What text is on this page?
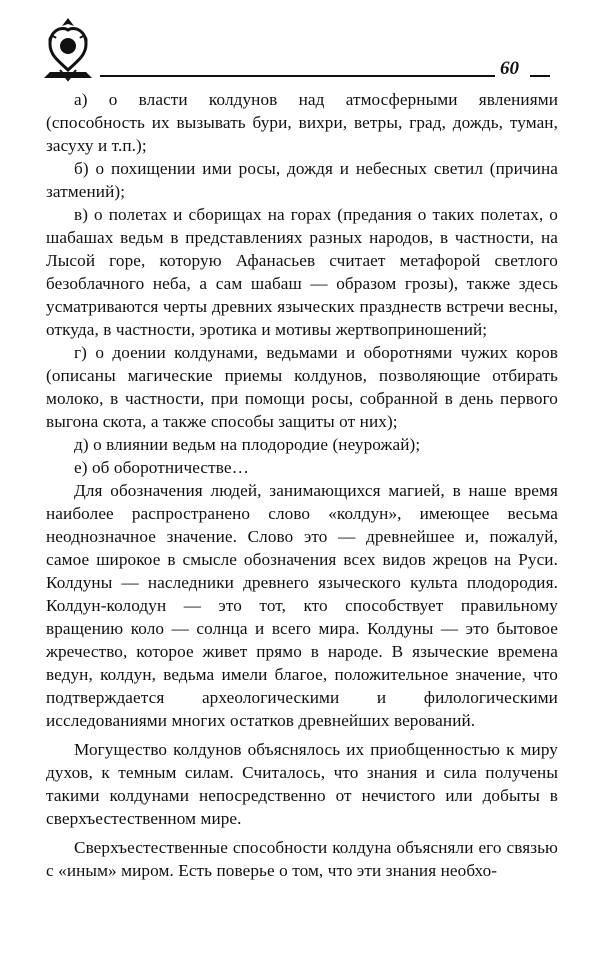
60

а) о власти колдунов над атмосферными явлениями (способность их вызывать бури, вихри, ветры, град, дождь, туман, засуху и т.п.);

б) о похищении ими росы, дождя и небесных светил (причина затмений);

в) о полетах и сборищах на горах (предания о таких полетах, о шабашах ведьм в представлениях разных народов, в частности, на Лысой горе, которую Афанасьев считает метафорой светлого безоблачного неба, а сам шабаш — образом грозы), также здесь усматриваются черты древних языческих празднеств встречи весны, откуда, в частности, эротика и мотивы жертвоприношений;

г) о доении колдунами, ведьмами и оборотнями чужих коров (описаны магические приемы колдунов, позволяющие отбирать молоко, в частности, при помощи росы, собранной в день первого выгона скота, а также способы защиты от них);

д) о влиянии ведьм на плодородие (неурожай);

е) об оборотничестве…

Для обозначения людей, занимающихся магией, в наше время наиболее распространено слово «колдун», имеющее весьма неоднозначное значение. Слово это — древнейшее и, пожалуй, самое широкое в смысле обозначения всех видов жрецов на Руси. Колдуны — наследники древнего языческого культа плодородия. Колдун-колодун — это тот, кто способствует правильному вращению коло — солнца и всего мира. Колдуны — это бытовое жречество, которое живет прямо в народе. В языческие времена ведун, колдун, ведьма имели благое, положительное значение, что подтверждается археологическими и филологическими исследованиями многих остатков древнейших верований.

Могущество колдунов объяснялось их приобщенностью к миру духов, к темным силам. Считалось, что знания и сила получены такими колдунами непосредственно от нечистого или добыты в сверхъестественном мире.

Сверхъестественные способности колдуна объясняли его связью с «иным» миром. Есть поверье о том, что эти знания необхо-
